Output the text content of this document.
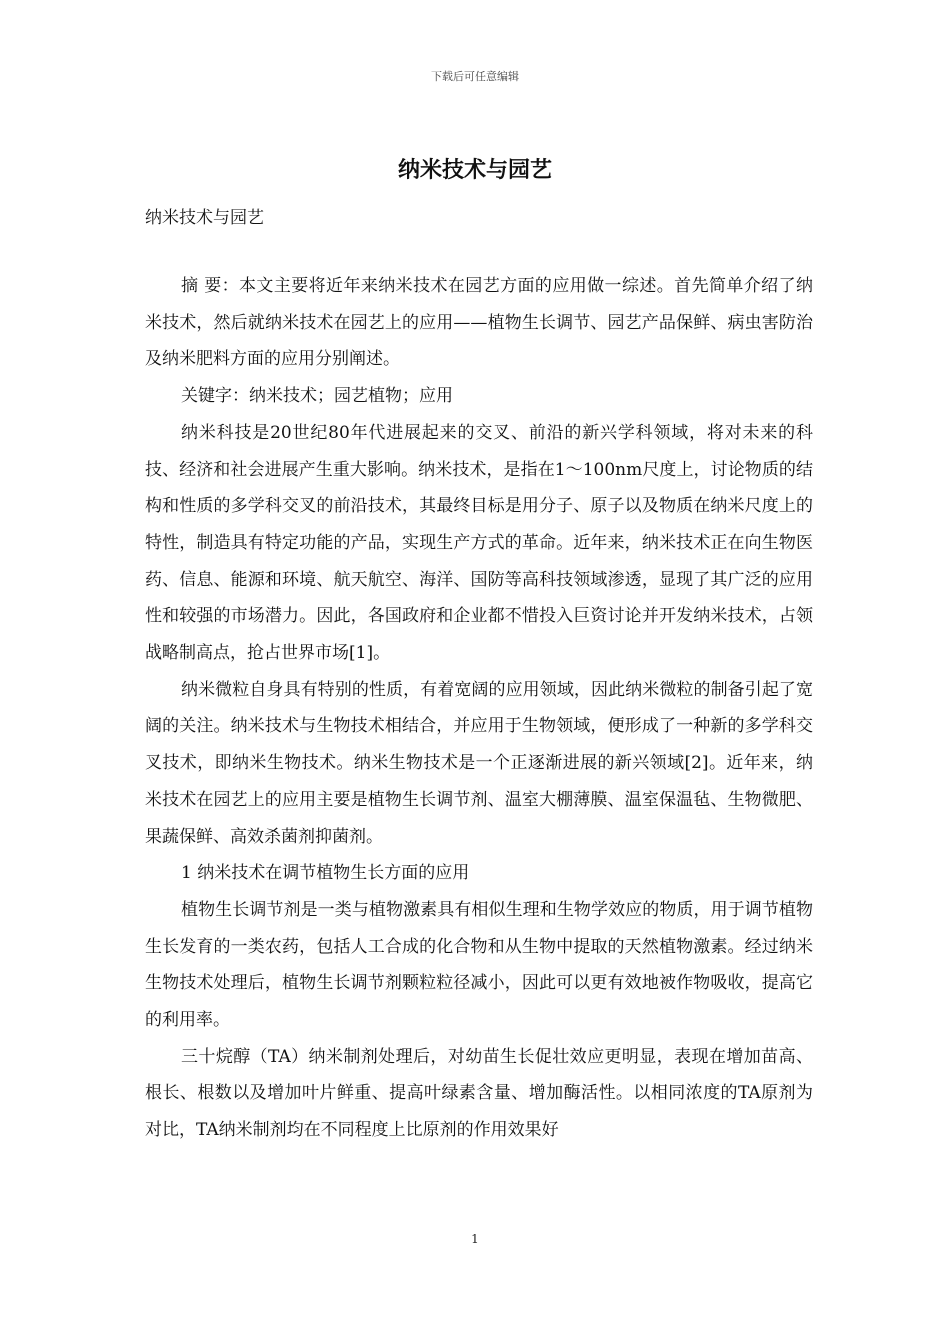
下载后可任意编辑
纳米技术与园艺
纳米技术与园艺

摘 要：本文主要将近年来纳米技术在园艺方面的应用做一综述。首先简单介绍了纳米技术，然后就纳米技术在园艺上的应用——植物生长调节、园艺产品保鲜、病虫害防治及纳米肥料方面的应用分别阐述。

关键字：纳米技术；园艺植物；应用

纳米科技是20世纪80年代进展起来的交叉、前沿的新兴学科领域，将对未来的科技、经济和社会进展产生重大影响。纳米技术，是指在1～100nm尺度上，讨论物质的结构和性质的多学科交叉的前沿技术，其最终目标是用分子、原子以及物质在纳米尺度上的特性，制造具有特定功能的产品，实现生产方式的革命。近年来，纳米技术正在向生物医药、信息、能源和环境、航天航空、海洋、国防等高科技领域渗透，显现了其广泛的应用性和较强的市场潜力。因此，各国政府和企业都不惜投入巨资讨论并开发纳米技术，占领战略制高点，抢占世界市场[1]。

纳米微粒自身具有特别的性质，有着宽阔的应用领域，因此纳米微粒的制备引起了宽阔的关注。纳米技术与生物技术相结合，并应用于生物领域，便形成了一种新的多学科交叉技术，即纳米生物技术。纳米生物技术是一个正逐渐进展的新兴领域[2]。近年来，纳米技术在园艺上的应用主要是植物生长调节剂、温室大棚薄膜、温室保温毡、生物微肥、果蔬保鲜、高效杀菌剂抑菌剂。

1 纳米技术在调节植物生长方面的应用

植物生长调节剂是一类与植物激素具有相似生理和生物学效应的物质，用于调节植物生长发育的一类农药，包括人工合成的化合物和从生物中提取的天然植物激素。经过纳米生物技术处理后，植物生长调节剂颗粒粒径减小，因此可以更有效地被作物吸收，提高它的利用率。

三十烷醇（TA）纳米制剂处理后，对幼苗生长促壮效应更明显，表现在增加苗高、根长、根数以及增加叶片鲜重、提高叶绿素含量、增加酶活性。以相同浓度的TA原剂为对比，TA纳米制剂均在不同程度上比原剂的作用效果好

1
